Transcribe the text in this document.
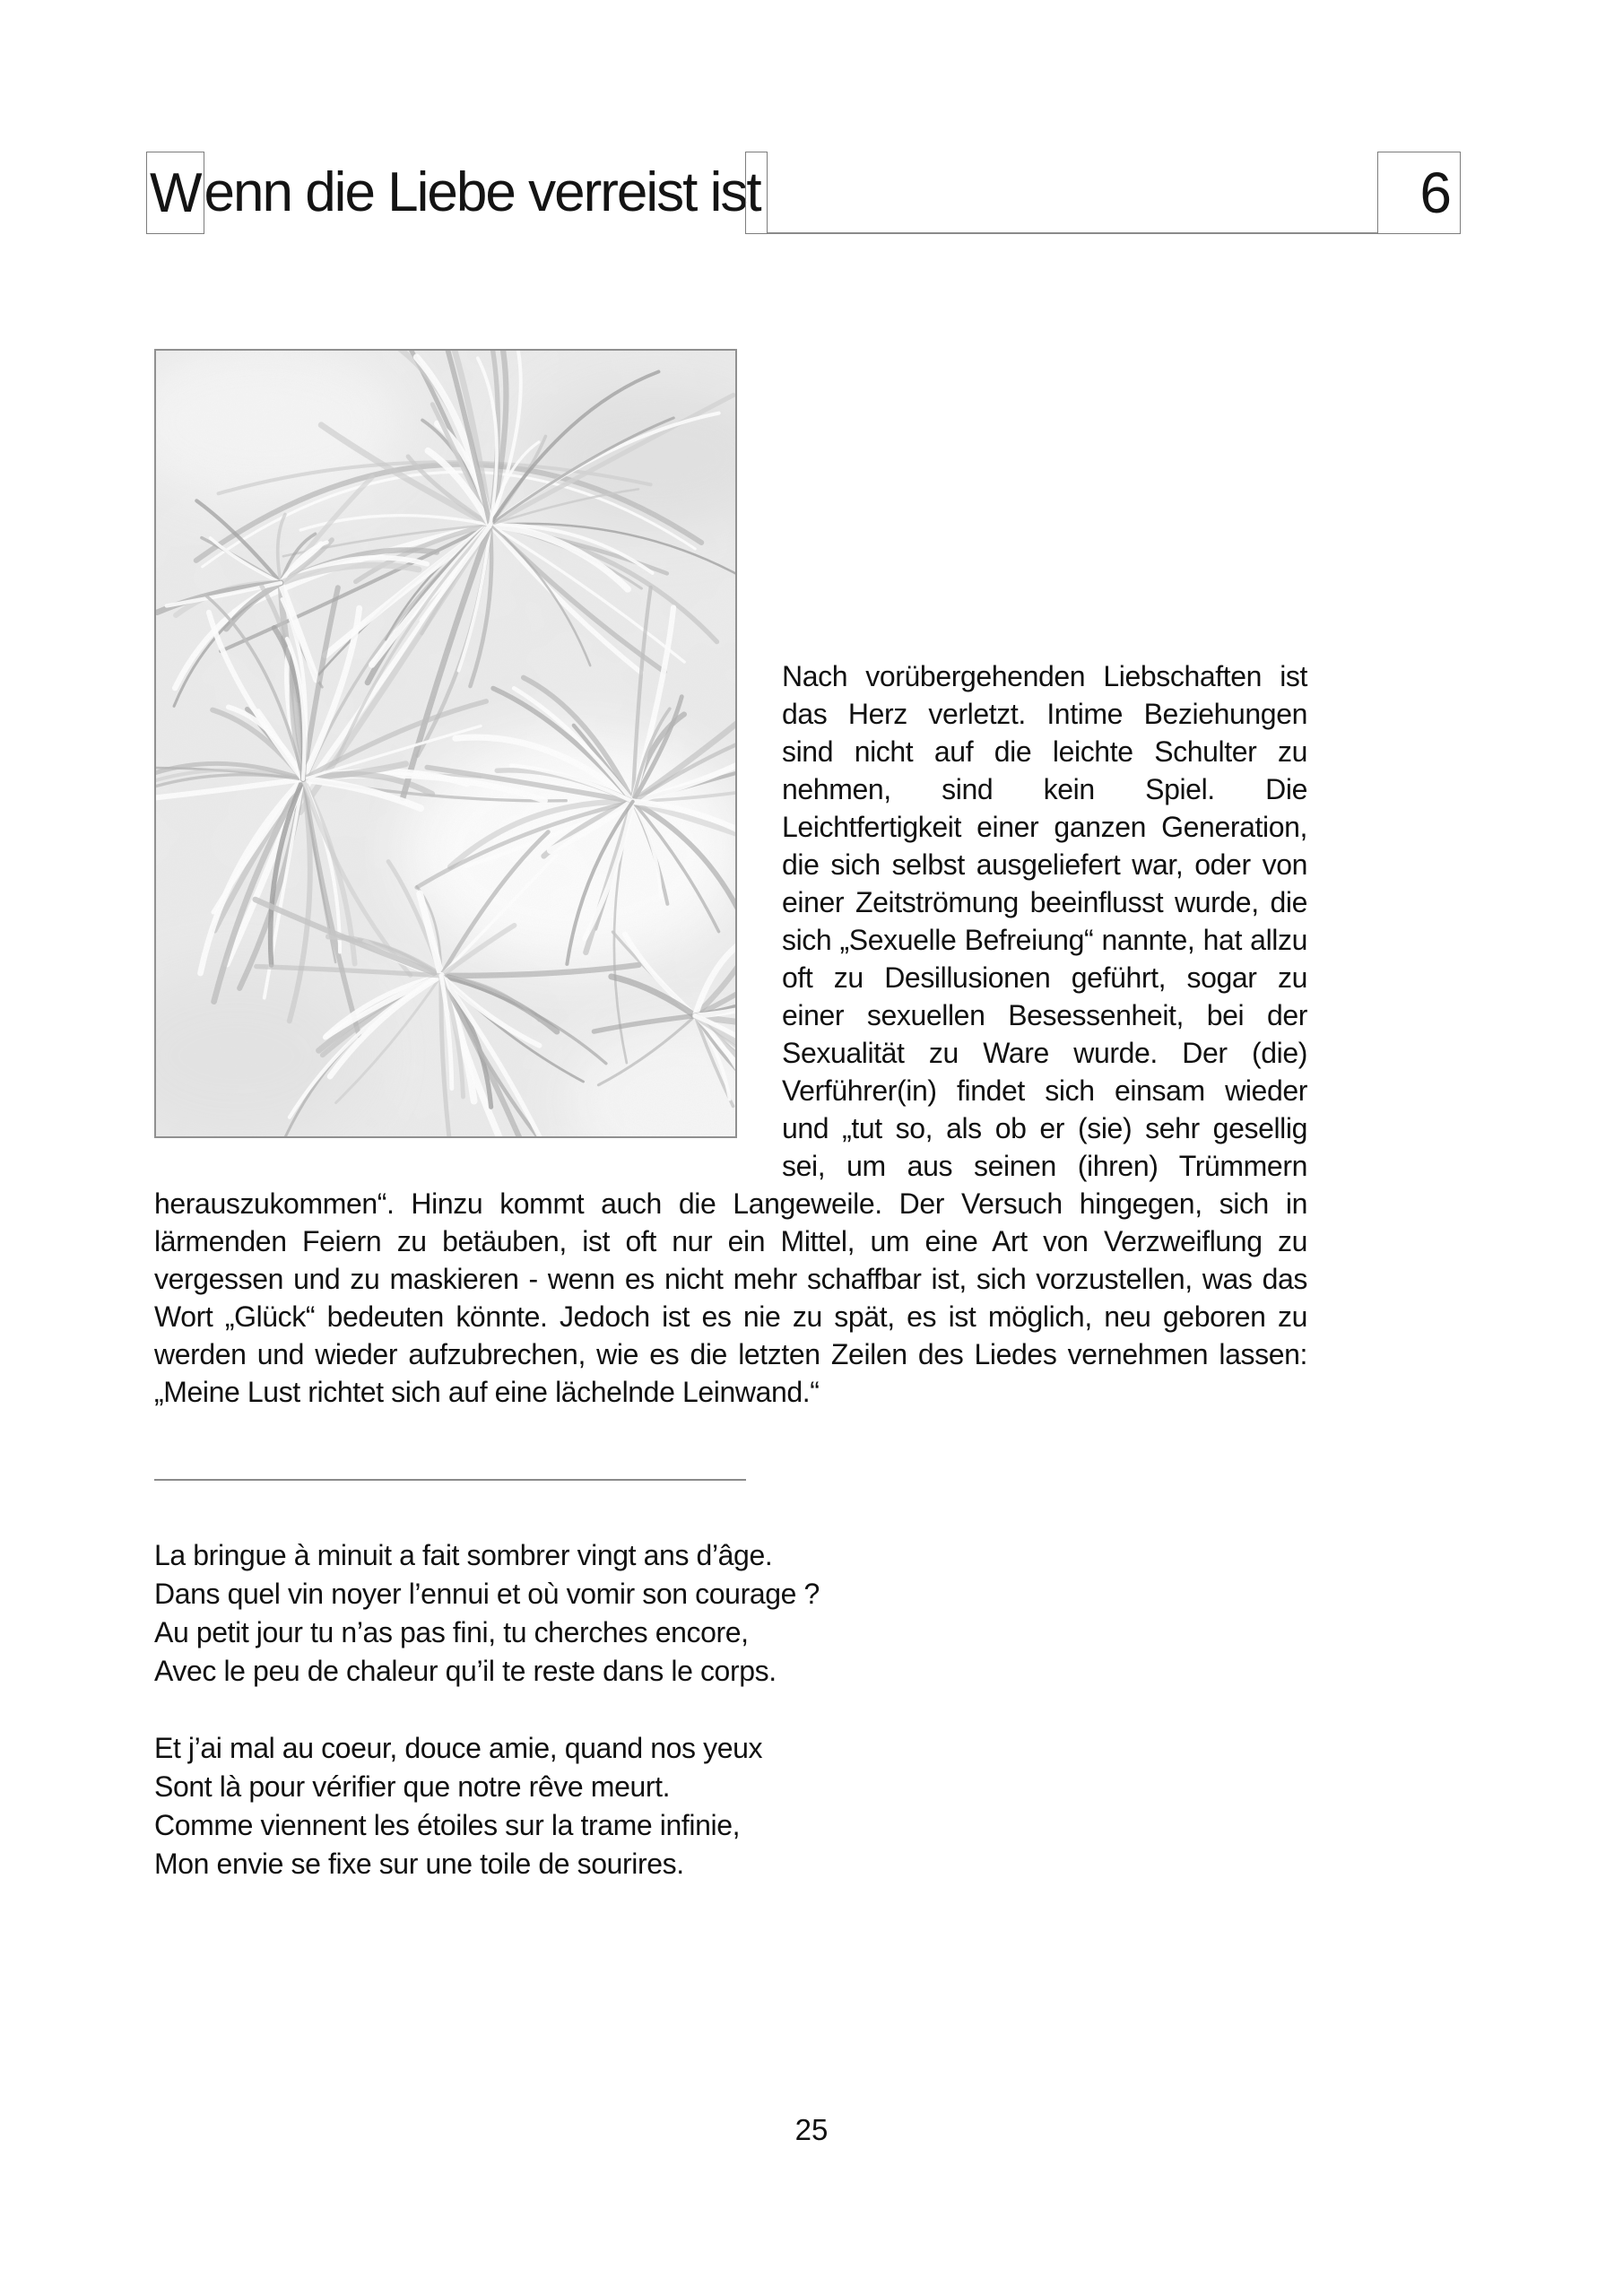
Wenn die Liebe verreist ist	6

Nach vorübergehenden Liebschaften ist das Herz verletzt. Intime Beziehungen sind nicht auf die leichte Schulter zu nehmen, sind kein Spiel. Die Leichtfertigkeit einer ganzen Generation, die sich selbst ausgeliefert war, oder von einer Zeitströmung beeinflusst wurde, die sich „Sexuelle Befreiung“ nannte, hat allzu oft zu Desillusionen geführt, sogar zu einer sexuellen Besessenheit, bei der Sexualität zu Ware wurde. Der (die) Verführer(in) findet sich einsam wieder und „tut so, als ob er (sie) sehr gesellig sei, um aus seinen (ihren) Trümmern herauszukommen“. Hinzu kommt auch die Langeweile. Der Versuch hingegen, sich in lärmenden Feiern zu betäuben, ist oft nur ein Mittel, um eine Art von Verzweiflung zu vergessen und zu maskieren - wenn es nicht mehr schaffbar ist, sich vorzustellen, was das Wort „Glück“ bedeuten könnte. Jedoch ist es nie zu spät, es ist möglich, neu geboren zu werden und wieder aufzubrechen, wie es die letzten Zeilen des Liedes vernehmen lassen: „Meine Lust richtet sich auf eine lächelnde Leinwand.“

La bringue à minuit a fait sombrer vingt ans d’âge.
Dans quel vin noyer l’ennui et où vomir son courage ?
Au petit jour tu n’as pas fini, tu cherches encore,
Avec le peu de chaleur qu’il te reste dans le corps.
Et j’ai mal au coeur, douce amie, quand nos yeux
Sont là pour vérifier que notre rêve meurt.
Comme viennent les étoiles sur la trame infinie,
Mon envie se fixe sur une toile de sourires.
25
